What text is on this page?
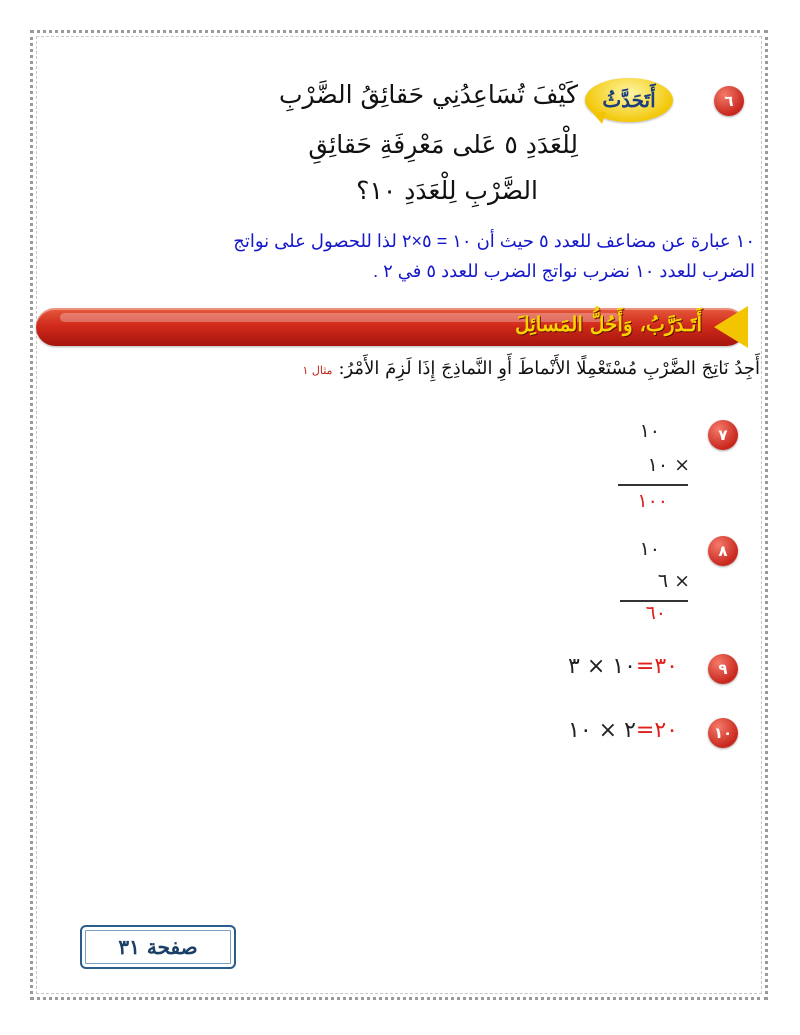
٦
أَتَحَدَّثُ
كَيْفَ تُسَاعِدُنِي حَقائِقُ الضَّرْبِ
لِلْعَدَدِ ٥ عَلى مَعْرِفَةِ حَقائِقِ
الضَّرْبِ لِلْعَدَدِ ١٠؟
١٠ عبارة عن مضاعف للعدد ٥ حيث أن ١٠ = ٥×٢ لذا للحصول على نواتج
الضرب للعدد ١٠ نضرب نواتج الضرب للعدد ٥ في ٢ .
أَتَـدَرَّبُ، وَأَحُلُّ المَسائِلَ
أَجِدُ نَاتِجَ الضَّرْبِ مُسْتَعْمِلًا الأَنْماطَ أَوِ النَّماذِجَ إِذَا لَزِمَ الأَمْرُ:مثال ١
٧
١٠
١٠ ×
١٠٠
٨
١٠
٦ ×
٦٠
٩
٣٠=١٠ × ٣
١٠
٢٠=٢ × ١٠
صفحة ٣١
